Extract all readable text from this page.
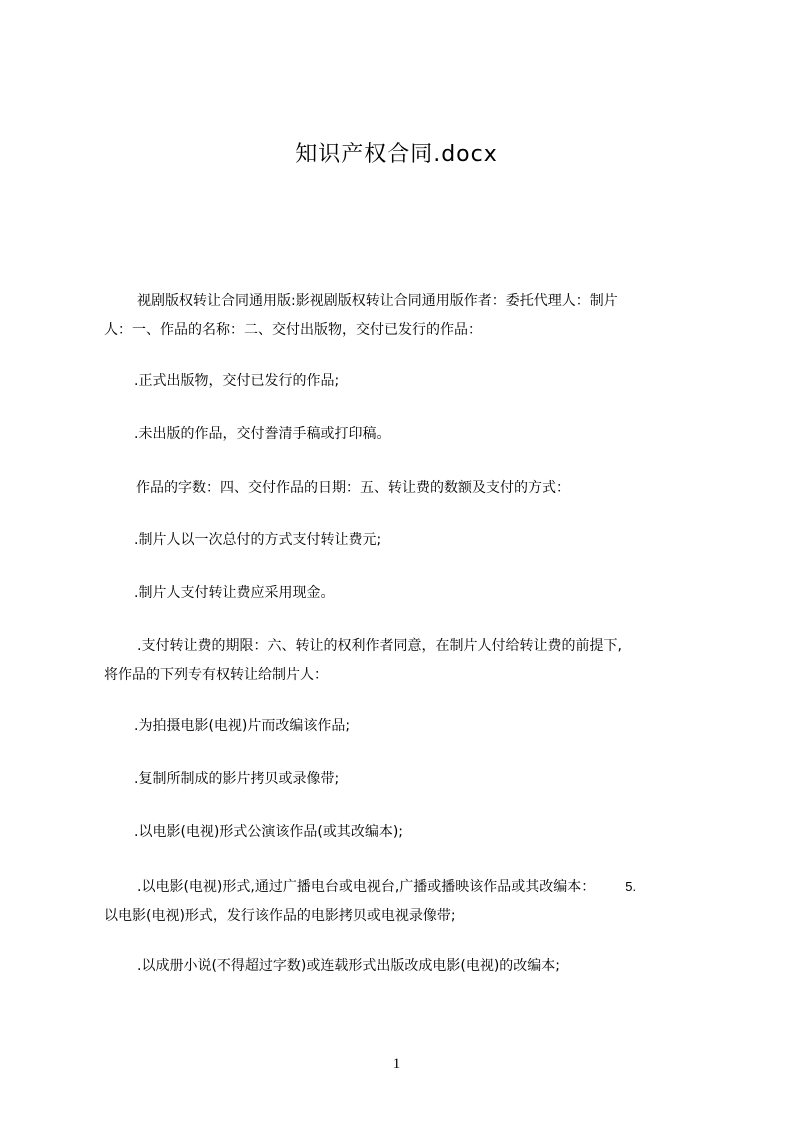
知识产权合同.docx
视剧版权转让合同通用版:影视剧版权转让合同通用版作者：委托代理人：制片
人：一、作品的名称：二、交付出版物，交付已发行的作品：
.正式出版物，交付已发行的作品;
.未出版的作品，交付誊清手稿或打印稿。
作品的字数：四、交付作品的日期：五、转让费的数额及支付的方式：
.制片人以一次总付的方式支付转让费元;
.制片人支付转让费应采用现金。
.支付转让费的期限：六、转让的权利作者同意，在制片人付给转让费的前提下,
将作品的下列专有权转让给制片人：
.为拍摄电影(电视)片而改编该作品;
.复制所制成的影片拷贝或录像带;
.以电影(电视)形式公演该作品(或其改编本);
.以电影(电视)形式,通过广播电台或电视台,广播或播映该作品或其改编本： 5.
以电影(电视)形式，发行该作品的电影拷贝或电视录像带;
.以成册小说(不得超过字数)或连载形式出版改成电影(电视)的改编本;
1
